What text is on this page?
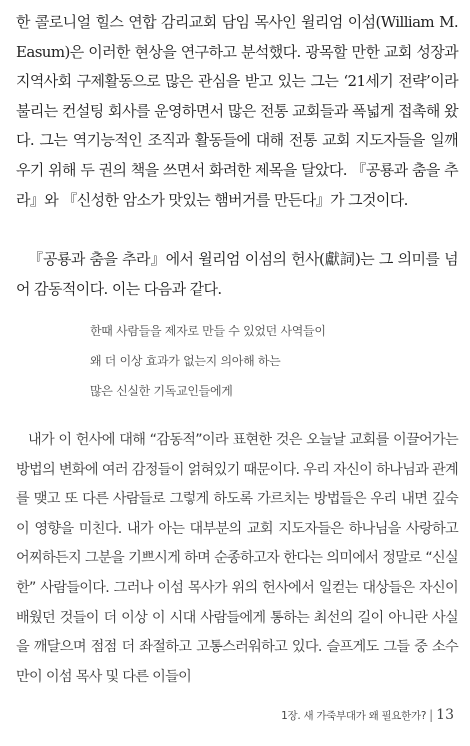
한 콜로니얼 힐스 연합 감리교회 담임 목사인 윌리엄 이섬(William M. Easum)은 이러한 현상을 연구하고 분석했다. 광목할 만한 교회 성장과 지역사회 구제활동으로 많은 관심을 받고 있는 그는 ‘21세기 전략’이라 불리는 컨설팅 회사를 운영하면서 많은 전통 교회들과 폭넓게 접촉해 왔다. 그는 역기능적인 조직과 활동들에 대해 전통 교회 지도자들을 일깨우기 위해 두 권의 책을 쓰면서 화려한 제목을 달았다. 『공룡과 춤을 추라』와 『신성한 암소가 맛있는 햄버거를 만든다』가 그것이다.

『공룡과 춤을 추라』에서 윌리엄 이섬의 헌사(獻詞)는 그 의미를 넘어 감동적이다. 이는 다음과 같다.

한때 사람들을 제자로 만들 수 있었던 사역들이
왜 더 이상 효과가 없는지 의아해 하는
많은 신실한 기독교인들에게

내가 이 헌사에 대해 “감동적”이라 표현한 것은 오늘날 교회를 이끌어가는 방법의 변화에 여러 감정들이 얽혀있기 때문이다. 우리 자신이 하나님과 관계를 맺고 또 다른 사람들로 그렇게 하도록 가르치는 방법들은 우리 내면 깊숙이 영향을 미친다. 내가 아는 대부분의 교회 지도자들은 하나님을 사랑하고 어찌하든지 그분을 기쁘시게 하며 순종하고자 한다는 의미에서 정말로 “신실한” 사람들이다. 그러나 이섬 목사가 위의 헌사에서 일컫는 대상들은 자신이 배웠던 것들이 더 이상 이 시대 사람들에게 통하는 최선의 길이 아니란 사실을 깨달으며 점점 더 좌절하고 고통스러워하고 있다. 슬프게도 그들 중 소수만이 이섬 목사 및 다른 이들이

1장. 새 가죽부대가 왜 필요한가? | 13
